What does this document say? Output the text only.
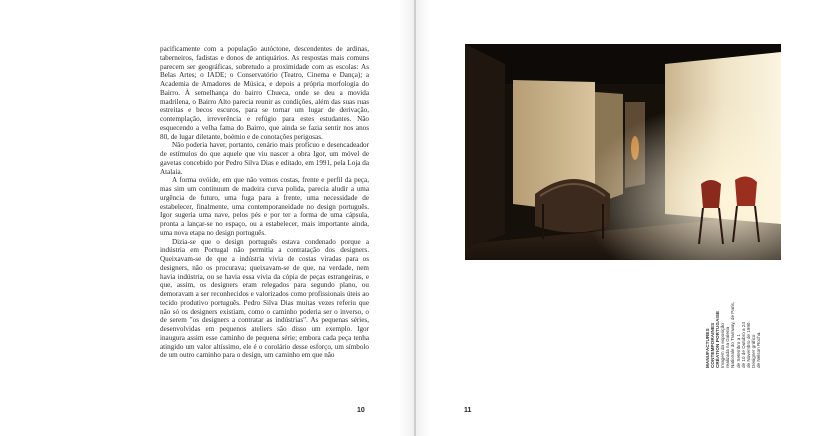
pacificamente com a população autóctone, descendentes de ardinas, taberneiros, fadistas e donos de antiquários. As respostas mais comuns parecem ser geográficas, sobretudo a proximidade com as escolas: As Belas Artes; o IADE; o Conservatório (Teatro, Cinema e Dança); a Academia de Amadores de Música, e depois a própria morfologia do Bairro. À semelhança do bairro Chueca, onde se deu a movida madrilena, o Bairro Alto parecia reunir as condições, além das suas ruas estreitas e becos escuros, para se tornar um lugar de derivação, contemplação, irreverência e refúgio para estes estudantes. Não esquecendo a velha fama do Bairro, que ainda se fazia sentir nos anos 80, de lugar diletante, boémio e de conotações perigosas.

Não poderia haver, portanto, cenário mais profícuo e desencadeador de estímulos do que aquele que viu nascer a obra Igor, um móvel de gavetas concebido por Pedro Silva Dias e editado, em 1991, pela Loja da Atalaia.

A forma ovóide, em que não vemos costas, frente e perfil da peça, mas sim um continuum de madeira curva polida, parecia aludir a uma urgência de futuro, uma fuga para a frente, uma necessidade de estabelecer, finalmente, uma contemporaneidade no design português. Igor sugeria uma nave, pelos pés e por ter a forma de uma cápsula, pronta a lançar-se no espaço, ou a estabelecer, mais importante ainda, uma nova etapa no design português.

Dizia-se que o design português estava condenado porque a indústria em Portugal não permitia a contratação dos designers. Queixavam-se de que a indústria vivia de costas viradas para os designers, não os procurava; queixavam-se de que, na verdade, nem havia indústria, ou se havia essa vivia da cópia de peças estrangeiras, e que, assim, os designers eram relegados para segundo plano, ou demoravam a ser reconhecidos e valorizados como profissionais úteis ao tecido produtivo português. Pedro Silva Dias muitas vezes referiu que não só os designers existiam, como o caminho poderia ser o inverso, o de serem "os designers a contratar as indústrias". As pequenas séries, desenvolvidas em pequenos ateliers são disso um exemplo. Igor inaugura assim esse caminho de pequena série; embora cada peça tenha atingido um valor altíssimo, ele é o corolário desse esforço, um símbolo de um outro caminho para o design, um caminho em que não

10
MANUFACTURES CONTEMPORAINES CRÉATION PORTUGAISE Imagem da exposição realizada na Galeria Nationale do Tramway, de Paris, de Setembro a 1 de 10 de Outubro a 24 de Novembro de 1990. Designer gráfico de Nelson Rocha.
11
